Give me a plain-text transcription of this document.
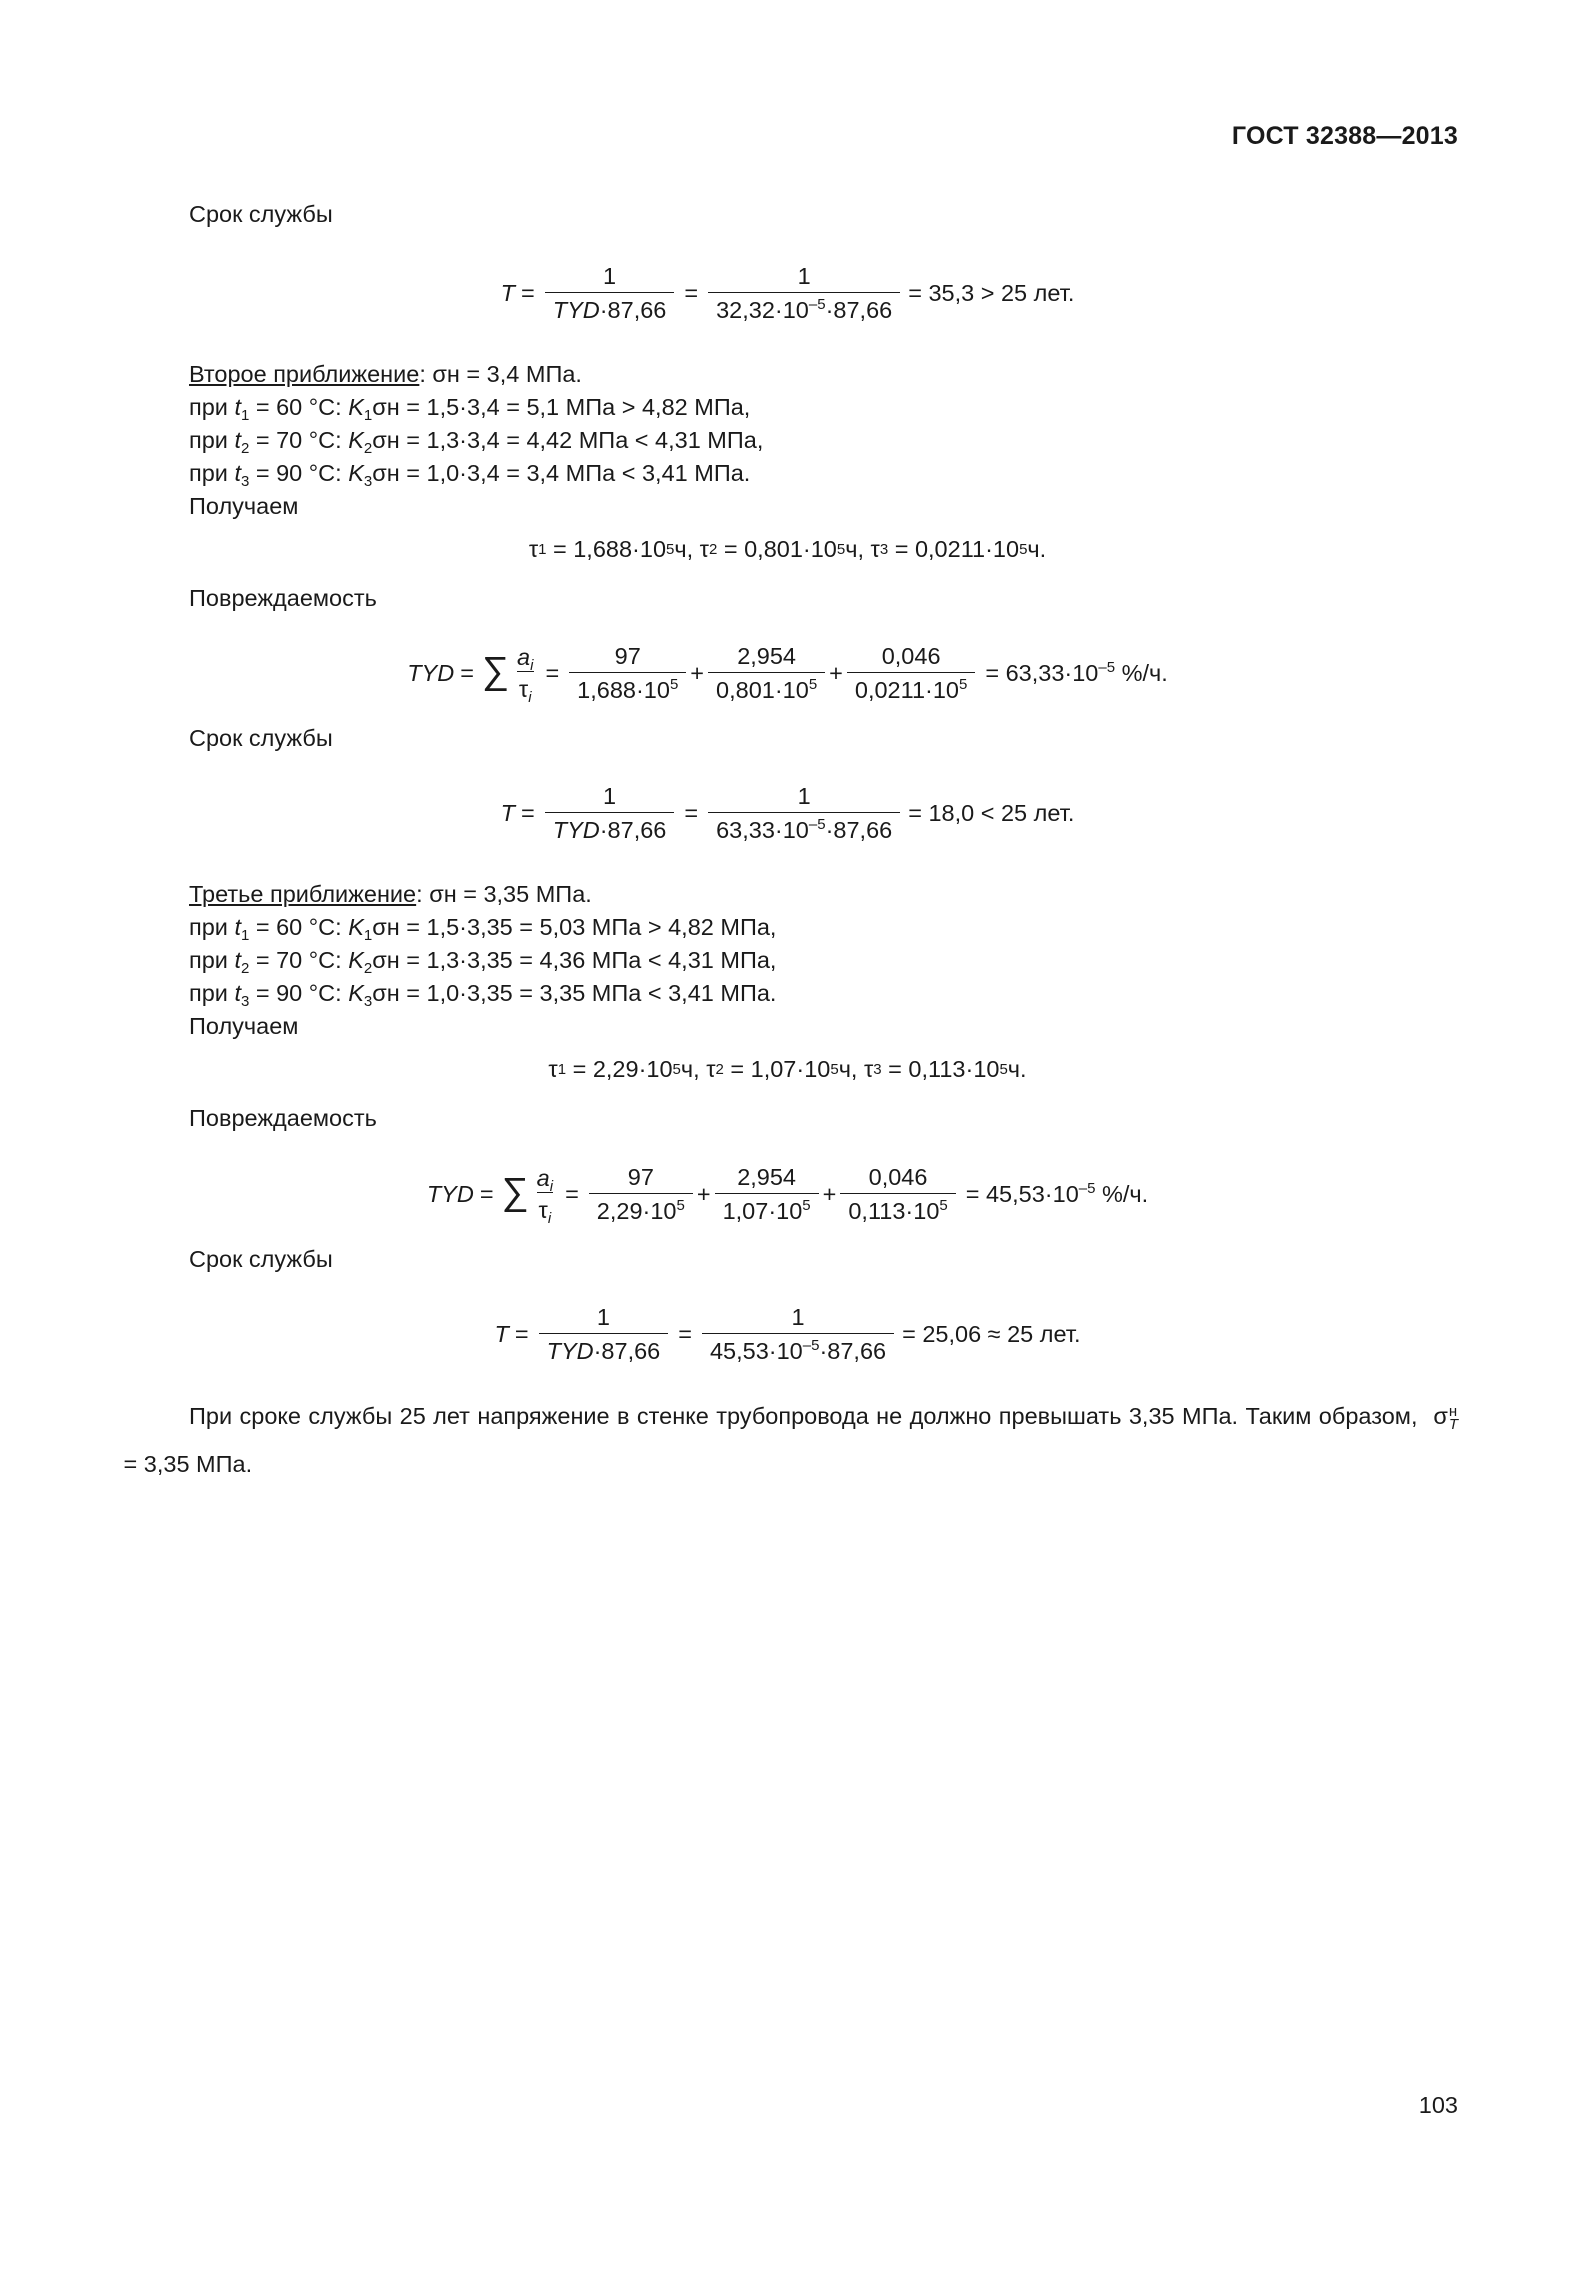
ГОСТ 32388—2013
Срок службы
$T = \frac{1}{\text{TYD·87,66}} = \frac{1}{32,32\cdot 10^{-5}\cdot 87,66} = 35,3 > 25$ лет.
Второе приближение: σн = 3,4 МПа.
при $t_1 = 60$ °C: $K_1\sigma н = 1,5\cdot 3,4 = 5,1$ МПа > 4,82 МПа,
при $t_2 = 70$ °C: $K_2\sigma н = 1,3\cdot 3,4 = 4,42$ МПа < 4,31 МПа,
при $t_3 = 90$ °C: $K_3\sigma н = 1,0\cdot 3,4 = 3,4$ МПа < 3,41 МПа.
Получаем
τ 1
= 1,688·10 5 ч,
τ 2
= 0,801·10 5 ч,
τ 3
= 0,0211·10 5 ч.
Повреждаемость
TYD = ∑ $\frac{a_i}{\tau_i} = \frac{97}{1,688\cdot 10^5} + \frac{2,954}{0,801\cdot 10^5} + \frac{0,046}{0,0211\cdot 10^5} = 63,33\cdot 10^{-5}$ %/ч.
Срок службы
$T = \frac{1}{\text{TYD·87,66}} = \frac{1}{63,33\cdot 10^{-5}\cdot 87,66} = 18,0 < 25$ лет.
Третье приближение: σн = 3,35 МПа.
при $t_1 = 60$ °C: $K_1\sigma н = 1,5\cdot 3,35 = 5,03$ МПа > 4,82 МПа,
при $t_2 = 70$ °C: $K_2\sigma н = 1,3\cdot 3,35 = 4,36$ МПа < 4,31 МПа,
при $t_3 = 90$ °C: $K_3\sigma н = 1,0\cdot 3,35 = 3,35$ МПа < 3,41 МПа.
Получаем
τ 1
= 2,29·10 5 ч,
τ 2
= 1,07·10 5 ч,
τ 3
= 0,113·10 5 ч.
Повреждаемость
TYD = ∑ $\frac{a_i}{\tau_i} = \frac{97}{2,29\cdot 10^5} + \frac{2,954}{1,07\cdot 10^5} + \frac{0,046}{0,113\cdot 10^5} = 45,53\cdot 10^{-5}$ %/ч.
Срок службы
$T = \frac{1}{\text{TYD·87,66}} = \frac{1}{45,53\cdot 10^{-5}\cdot 87,66} = 25,06 \approx 25$ лет.
При сроке службы 25 лет напряжение в стенке трубопровода не должно превышать 3,35 МПа. Таким образом, σ н
T
= 3,35 МПа.
103
